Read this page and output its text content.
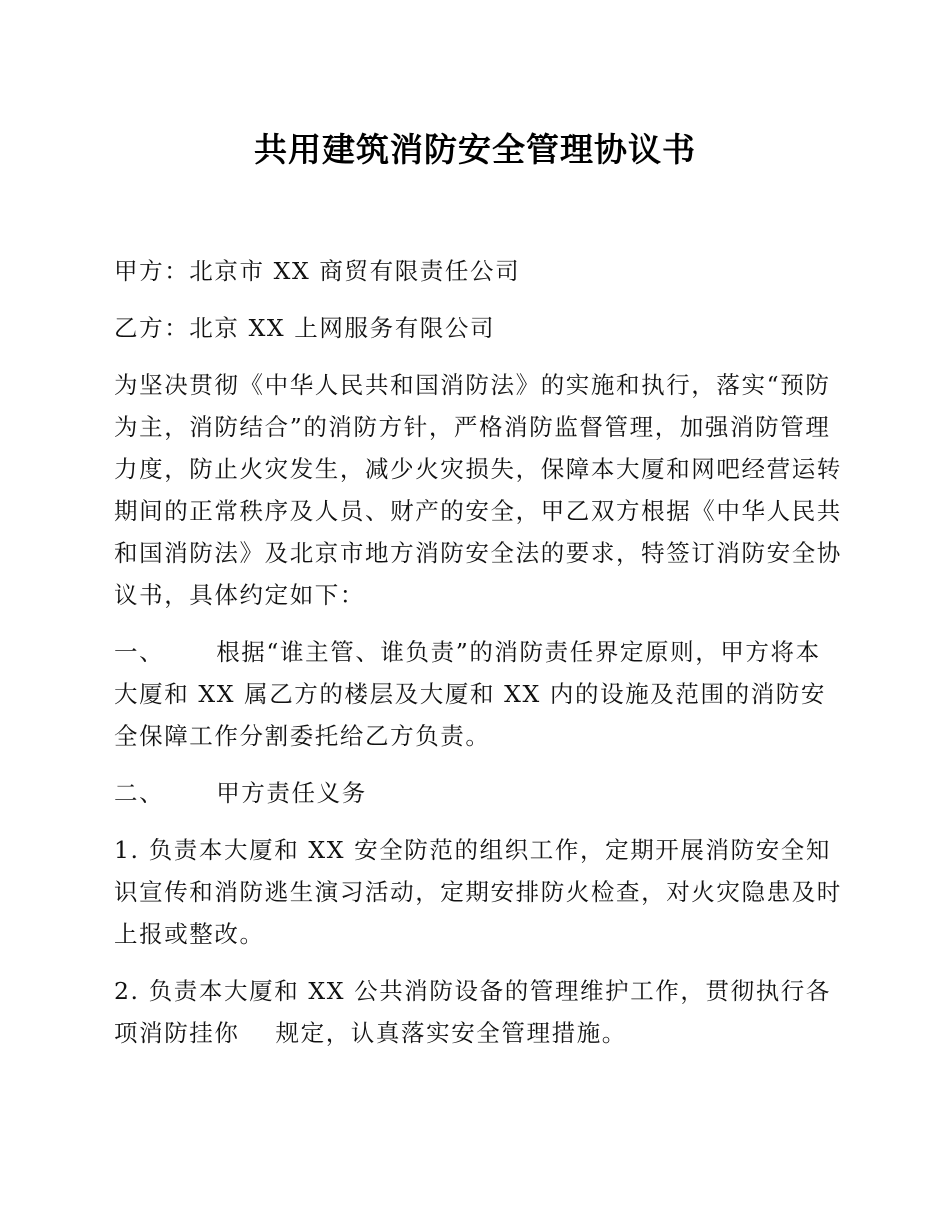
共用建筑消防安全管理协议书

甲方：北京市 XX 商贸有限责任公司

乙方：北京 XX 上网服务有限公司

为坚决贯彻《中华人民共和国消防法》的实施和执行，落实“预防为主，消防结合”的消防方针，严格消防监督管理，加强消防管理力度，防止火灾发生，减少火灾损失，保障本大厦和网吧经营运转期间的正常秩序及人员、财产的安全，甲乙双方根据《中华人民共和国消防法》及北京市地方消防安全法的要求，特签订消防安全协议书，具体约定如下：

一、 根据“谁主管、谁负责”的消防责任界定原则，甲方将本大厦和 XX 属乙方的楼层及大厦和 XX 内的设施及范围的消防安全保障工作分割委托给乙方负责。

二、 甲方责任义务

1. 负责本大厦和 XX 安全防范的组织工作，定期开展消防安全知识宣传和消防逃生演习活动，定期安排防火检查，对火灾隐患及时上报或整改。

2. 负责本大厦和 XX 公共消防设备的管理维护工作，贯彻执行各项消防挂你 规定，认真落实安全管理措施。
